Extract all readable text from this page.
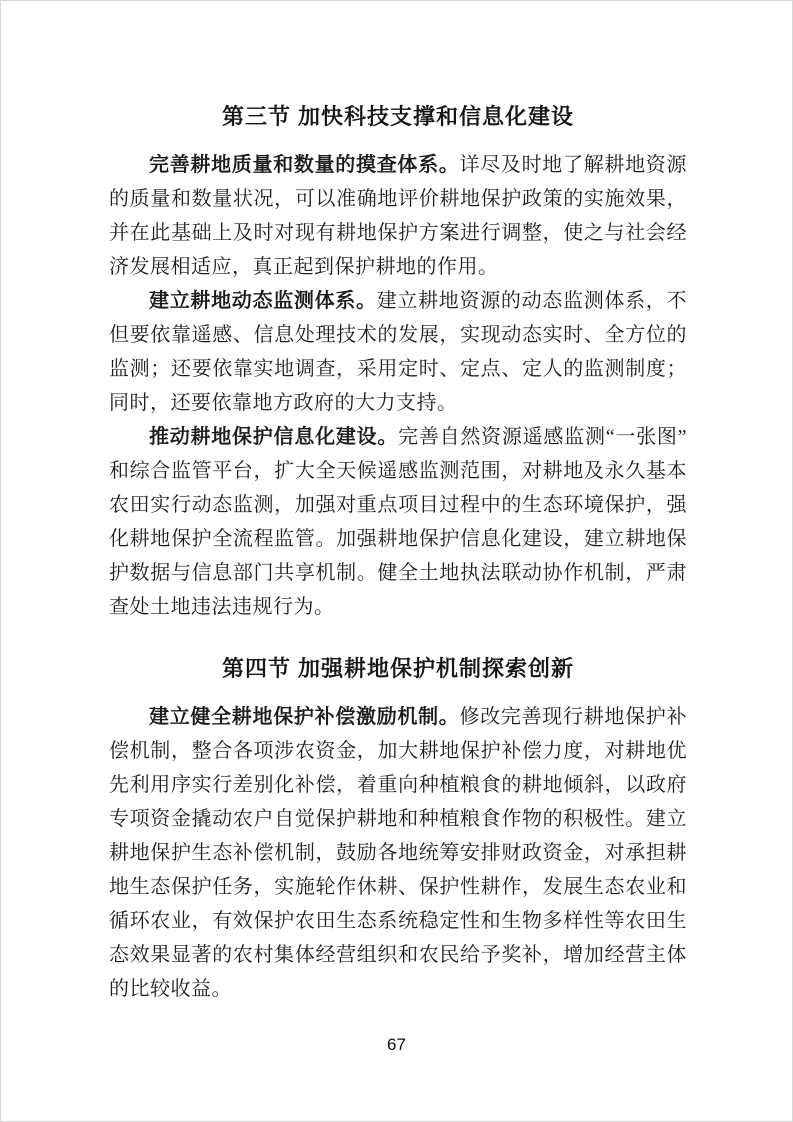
第三节 加快科技支撑和信息化建设

完善耕地质量和数量的摸查体系。详尽及时地了解耕地资源的质量和数量状况，可以准确地评价耕地保护政策的实施效果，并在此基础上及时对现有耕地保护方案进行调整，使之与社会经济发展相适应，真正起到保护耕地的作用。

建立耕地动态监测体系。建立耕地资源的动态监测体系，不但要依靠遥感、信息处理技术的发展，实现动态实时、全方位的监测；还要依靠实地调查，采用定时、定点、定人的监测制度；同时，还要依靠地方政府的大力支持。

推动耕地保护信息化建设。完善自然资源遥感监测“一张图”和综合监管平台，扩大全天候遥感监测范围，对耕地及永久基本农田实行动态监测，加强对重点项目过程中的生态环境保护，强化耕地保护全流程监管。加强耕地保护信息化建设，建立耕地保护数据与信息部门共享机制。健全土地执法联动协作机制，严肃查处土地违法违规行为。

第四节 加强耕地保护机制探索创新

建立健全耕地保护补偿激励机制。修改完善现行耕地保护补偿机制，整合各项涉农资金，加大耕地保护补偿力度，对耕地优先利用序实行差别化补偿，着重向种植粮食的耕地倾斜，以政府专项资金撬动农户自觉保护耕地和种植粮食作物的积极性。建立耕地保护生态补偿机制，鼓励各地统筹安排财政资金，对承担耕地生态保护任务，实施轮作休耕、保护性耕作，发展生态农业和循环农业，有效保护农田生态系统稳定性和生物多样性等农田生态效果显著的农村集体经营组织和农民给予奖补，增加经营主体的比较收益。

67
